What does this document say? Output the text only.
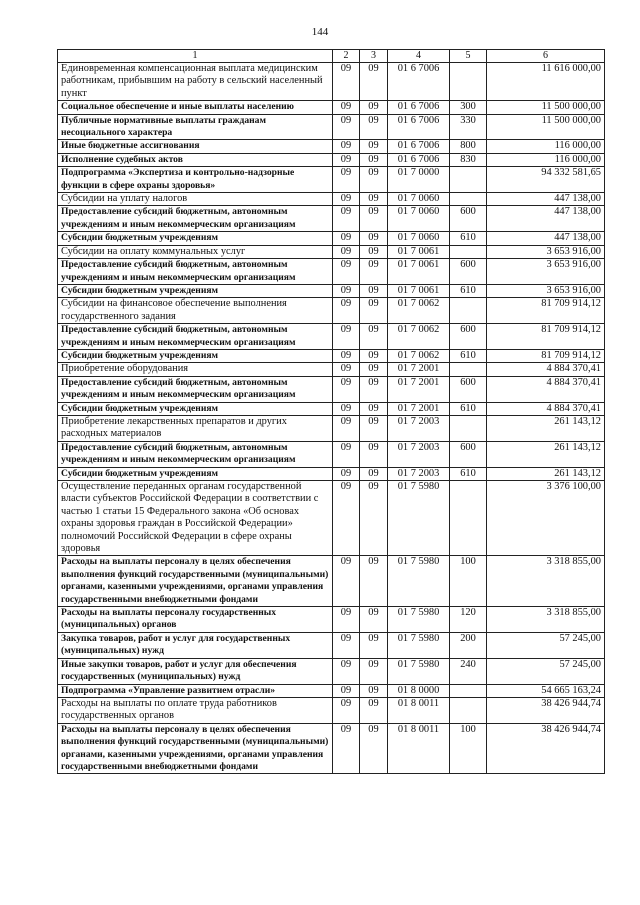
144
1	2	3	4	5	6
Единовременная компенсационная выплата медицинским работникам, прибывшим на работу в сельский населенный пункт	09	09	01 6 7006		11 616 000,00
Социальное обеспечение и иные выплаты населению	09	09	01 6 7006	300	11 500 000,00
Публичные нормативные выплаты гражданам несоциального характера	09	09	01 6 7006	330	11 500 000,00
Иные бюджетные ассигнования	09	09	01 6 7006	800	116 000,00
Исполнение судебных актов	09	09	01 6 7006	830	116 000,00
Подпрограмма «Экспертиза и контрольно-надзорные функции в сфере охраны здоровья»	09	09	01 7 0000		94 332 581,65
Субсидии на уплату налогов	09	09	01 7 0060		447 138,00
Предоставление субсидий бюджетным, автономным учреждениям и иным некоммерческим организациям	09	09	01 7 0060	600	447 138,00
Субсидии бюджетным учреждениям	09	09	01 7 0060	610	447 138,00
Субсидии на оплату коммунальных услуг	09	09	01 7 0061		3 653 916,00
Предоставление субсидий бюджетным, автономным учреждениям и иным некоммерческим организациям	09	09	01 7 0061	600	3 653 916,00
Субсидии бюджетным учреждениям	09	09	01 7 0061	610	3 653 916,00
Субсидии на финансовое обеспечение выполнения государственного задания	09	09	01 7 0062		81 709 914,12
Предоставление субсидий бюджетным, автономным учреждениям и иным некоммерческим организациям	09	09	01 7 0062	600	81 709 914,12
Субсидии бюджетным учреждениям	09	09	01 7 0062	610	81 709 914,12
Приобретение оборудования	09	09	01 7 2001		4 884 370,41
Предоставление субсидий бюджетным, автономным учреждениям и иным некоммерческим организациям	09	09	01 7 2001	600	4 884 370,41
Субсидии бюджетным учреждениям	09	09	01 7 2001	610	4 884 370,41
Приобретение лекарственных препаратов и других расходных материалов	09	09	01 7 2003		261 143,12
Предоставление субсидий бюджетным, автономным учреждениям и иным некоммерческим организациям	09	09	01 7 2003	600	261 143,12
Субсидии бюджетным учреждениям	09	09	01 7 2003	610	261 143,12
Осуществление переданных органам государственной власти субъектов Российской Федерации в соответствии с частью 1 статьи 15 Федерального закона «Об основах охраны здоровья граждан в Российской Федерации» полномочий Российской Федерации в сфере охраны здоровья	09	09	01 7 5980		3 376 100,00
Расходы на выплаты персоналу в целях обеспечения выполнения функций государственными (муниципальными) органами, казенными учреждениями, органами управления государственными внебюджетными фондами	09	09	01 7 5980	100	3 318 855,00
Расходы на выплаты персоналу государственных (муниципальных) органов	09	09	01 7 5980	120	3 318 855,00
Закупка товаров, работ и услуг для государственных (муниципальных) нужд	09	09	01 7 5980	200	57 245,00
Иные закупки товаров, работ и услуг для обеспечения государственных (муниципальных) нужд	09	09	01 7 5980	240	57 245,00
Подпрограмма «Управление развитием отрасли»	09	09	01 8 0000		54 665 163,24
Расходы на выплаты по оплате труда работников государственных органов	09	09	01 8 0011		38 426 944,74
Расходы на выплаты персоналу в целях обеспечения выполнения функций государственными (муниципальными) органами, казенными учреждениями, органами управления государственными внебюджетными фондами	09	09	01 8 0011	100	38 426 944,74
